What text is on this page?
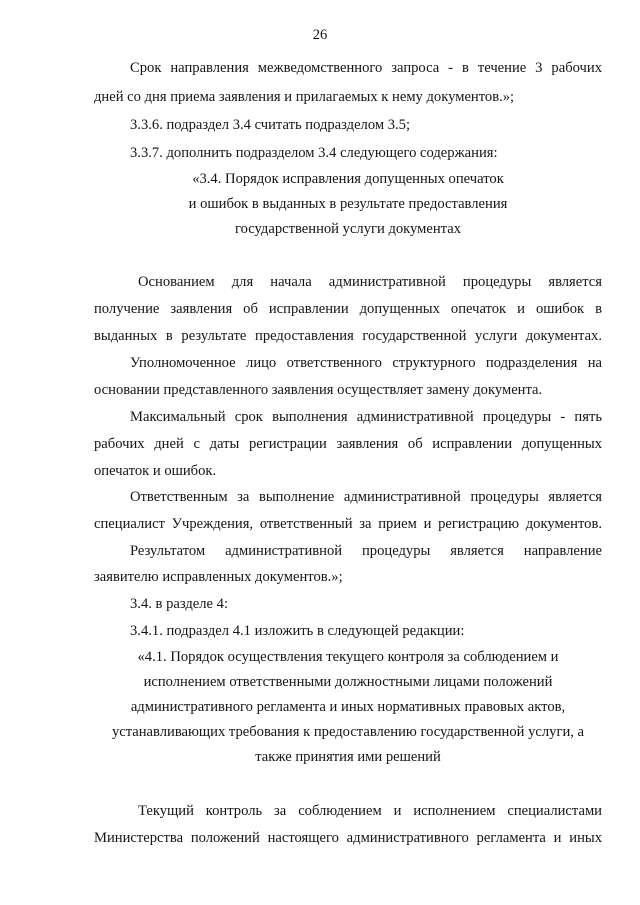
26
Срок направления межведомственного запроса - в течение 3 рабочих
дней со дня приема заявления и прилагаемых к нему документов.»;
3.3.6. подраздел 3.4 считать подразделом 3.5;
3.3.7. дополнить подразделом 3.4 следующего содержания:
«3.4. Порядок исправления допущенных опечаток
и ошибок в выданных в результате предоставления
государственной услуги документах
Основанием для начала административной процедуры является
получение заявления об исправлении допущенных опечаток и ошибок в
выданных в результате предоставления государственной услуги документах.
Уполномоченное лицо ответственного структурного подразделения на
основании представленного заявления осуществляет замену документа.
Максимальный срок выполнения административной процедуры - пять
рабочих дней с даты регистрации заявления об исправлении допущенных
опечаток и ошибок.
Ответственным за выполнение административной процедуры является
специалист Учреждения, ответственный за прием и регистрацию документов.
Результатом административной процедуры является направление
заявителю исправленных документов.»;
3.4. в разделе 4:
3.4.1. подраздел 4.1 изложить в следующей редакции:
«4.1. Порядок осуществления текущего контроля за соблюдением и
исполнением ответственными должностными лицами положений
административного регламента и иных нормативных правовых актов,
устанавливающих требования к предоставлению государственной услуги, а
также принятия ими решений
Текущий контроль за соблюдением и исполнением специалистами
Министерства положений настоящего административного регламента и иных
